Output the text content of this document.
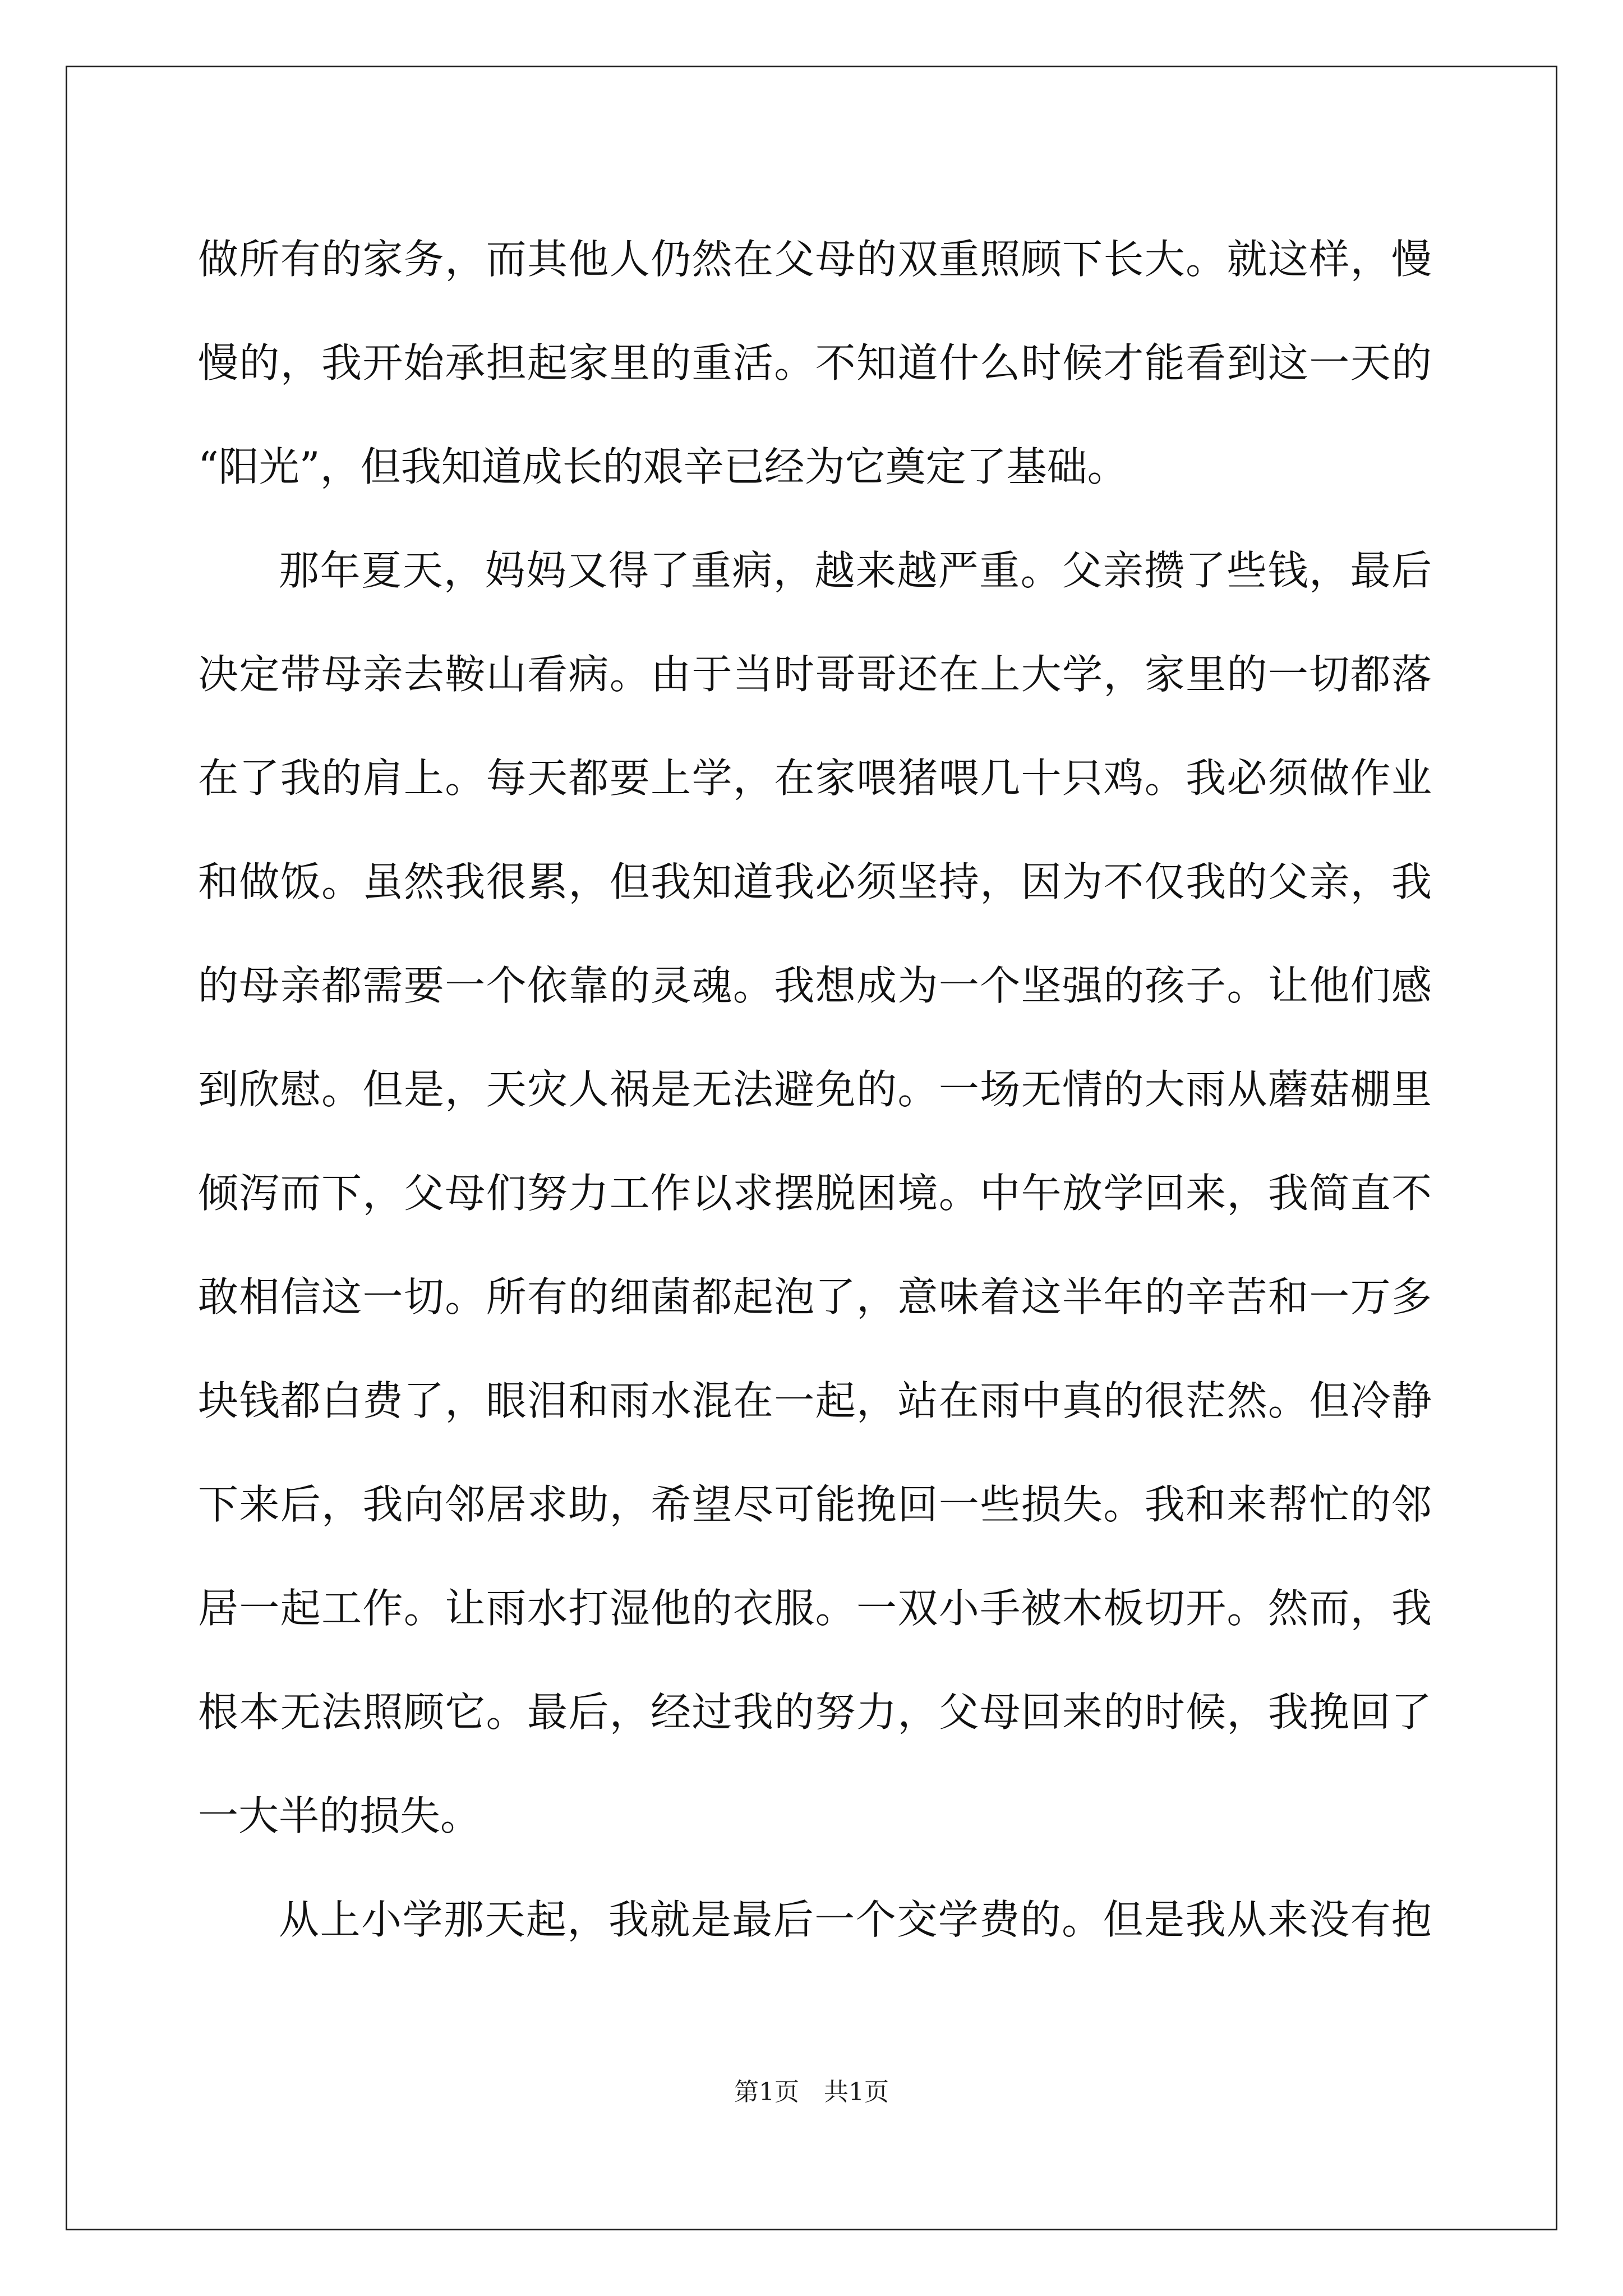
做所有的家务，而其他人仍然在父母的双重照顾下长大。就这样，慢
慢的，我开始承担起家里的重活。不知道什么时候才能看到这一天的
“阳光”，但我知道成长的艰辛已经为它奠定了基础。
那年夏天，妈妈又得了重病，越来越严重。父亲攒了些钱，最后
决定带母亲去鞍山看病。由于当时哥哥还在上大学，家里的一切都落
在了我的肩上。每天都要上学，在家喂猪喂几十只鸡。我必须做作业
和做饭。虽然我很累，但我知道我必须坚持，因为不仅我的父亲，我
的母亲都需要一个依靠的灵魂。我想成为一个坚强的孩子。让他们感
到欣慰。但是，天灾人祸是无法避免的。一场无情的大雨从蘑菇棚里
倾泻而下，父母们努力工作以求摆脱困境。中午放学回来，我简直不
敢相信这一切。所有的细菌都起泡了，意味着这半年的辛苦和一万多
块钱都白费了，眼泪和雨水混在一起，站在雨中真的很茫然。但冷静
下来后，我向邻居求助，希望尽可能挽回一些损失。我和来帮忙的邻
居一起工作。让雨水打湿他的衣服。一双小手被木板切开。然而，我
根本无法照顾它。最后，经过我的努力，父母回来的时候，我挽回了
一大半的损失。
从上小学那天起，我就是最后一个交学费的。但是我从来没有抱
第1页　共1页
